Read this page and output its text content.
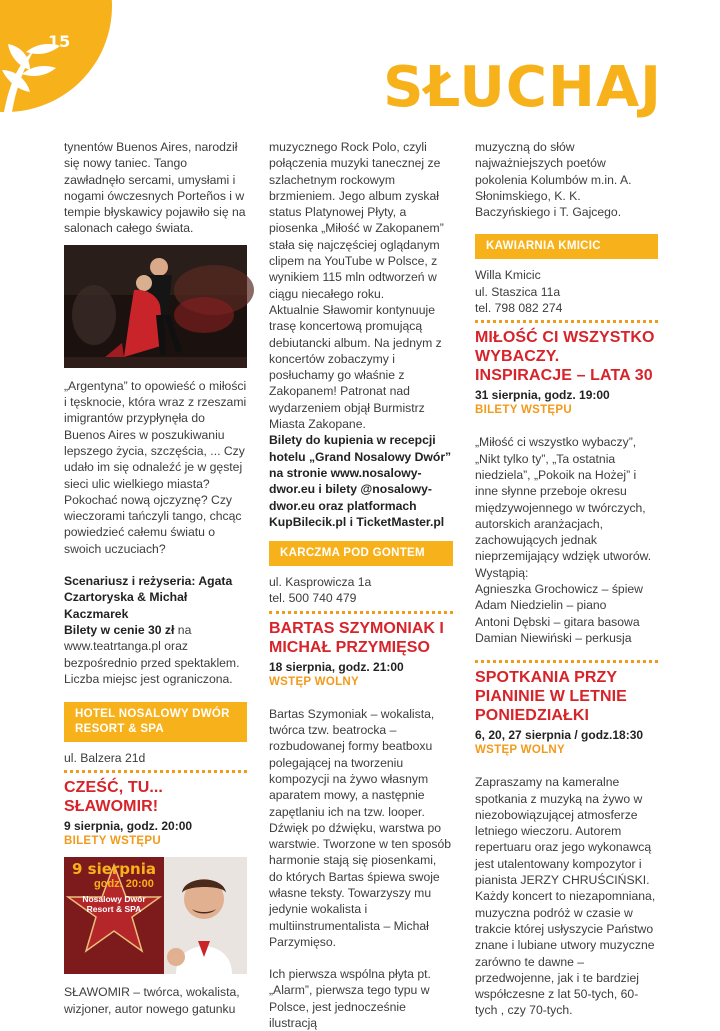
15
SŁUCHAJ

tynentów Buenos Aires, narodził się nowy taniec. Tango zawładnęło sercami, umysłami i nogami ówczesnych Porteños i w tempie błyskawicy pojawiło się na salonach całego świata.

„Argentyna” to opowieść o miłości i tęsknocie, która wraz z rzeszami imigrantów przypłynęła do Buenos Aires w poszukiwaniu lepszego życia, szczęścia, ... Czy udało im się odnaleźć je w gęstej sieci ulic wielkiego miasta? Pokochać nową ojczyznę? Czy wieczorami tańczyli tango, chcąc powiedzieć całemu światu o swoich uczuciach?

Scenariusz i reżyseria: Agata Czartoryska & Michał Kaczmarek

Bilety w cenie 30 zł na www.teatrtanga.pl oraz bezpośrednio przed spektaklem.

Liczba miejsc jest ograniczona.

HOTEL NOSALOWY DWÓR RESORT & SPA

ul. Balzera 21d

CZEŚĆ, TU... SŁAWOMIR!
9 sierpnia, godz. 20:00
BILETY WSTĘPU
9 sierpnia
godz. 20:00
Nosalowy Dwór Resort & SPA

SŁAWOMIR – twórca, wokalista, wizjoner, autor nowego gatunku

muzycznego Rock Polo, czyli połączenia muzyki tanecznej ze szlachetnym rockowym brzmieniem. Jego album zyskał status Platynowej Płyty, a piosenka „Miłość w Zakopanem” stała się najczęściej oglądanym clipem na YouTube w Polsce, z wynikiem 115 mln odtworzeń w ciągu niecałego roku.

Aktualnie Sławomir kontynuuje trasę koncertową promującą debiutancki album. Na jednym z koncertów zobaczymy i posłuchamy go właśnie z Zakopanem! Patronat nad wydarzeniem objął Burmistrz Miasta Zakopane.

Bilety do kupienia w recepcji hotelu „Grand Nosalowy Dwór” na stronie www.nosalowy-dwor.eu i bilety @nosalowy-dwor.eu oraz platformach KupBilecik.pl i TicketMaster.pl

KARCZMA POD GONTEM

ul. Kasprowicza 1a

tel. 500 740 479

BARTAS SZYMONIAK I MICHAŁ PRZYMIĘSO
18 sierpnia, godz. 21:00
WSTĘP WOLNY

Bartas Szymoniak – wokalista, twórca tzw. beatrocka – rozbudowanej formy beatboxu polegającej na tworzeniu kompozycji na żywo własnym aparatem mowy, a następnie zapętlaniu ich na tzw. looper. Dźwięk po dźwięku, warstwa po warstwie. Tworzone w ten sposób harmonie stają się piosenkami, do których Bartas śpiewa swoje własne teksty. Towarzyszy mu jedynie wokalista i multiinstrumentalista – Michał Parzymięso.

Ich pierwsza wspólna płyta pt. „Alarm”, pierwsza tego typu w Polsce, jest jednocześnie ilustracją

muzyczną do słów najważniejszych poetów pokolenia Kolumbów m.in. A. Słonimskiego, K. K. Baczyńskiego i T. Gajcego.

KAWIARNIA KMICIC

Willa Kmicic

ul. Staszica 11a

tel. 798 082 274

MIŁOŚĆ CI WSZYSTKO WYBACZY. INSPIRACJE – LATA 30
31 sierpnia, godz. 19:00
BILETY WSTĘPU

„Miłość ci wszystko wybaczy”, „Nikt tylko ty”, „Ta ostatnia niedziela”, „Pokoik na Hożej” i inne słynne przeboje okresu międzywojennego w twórczych, autorskich aranżacjach, zachowujących jednak nieprzemijający wdzięk utworów.

Wystąpią:

Agnieszka Grochowicz – śpiew

Adam Niedzielin – piano

Antoni Dębski – gitara basowa

Damian Niewiński – perkusja

SPOTKANIA PRZY PIANINIE W LETNIE PONIEDZIAŁKI
6, 20, 27 sierpnia / godz.18:30
WSTĘP WOLNY

Zapraszamy na kameralne spotkania z muzyką na żywo w niezobowiązującej atmosferze letniego wieczoru. Autorem repertuaru oraz jego wykonawcą jest utalentowany kompozytor i pianista JERZY CHRUŚCIŃSKI. Każdy koncert to niezapomniana, muzyczna podróż w czasie w trakcie której usłyszycie Państwo znane i lubiane utwory muzyczne zarówno te dawne – przedwojenne, jak i te bardziej współczesne z lat 50-tych, 60-tych , czy 70-tych.
